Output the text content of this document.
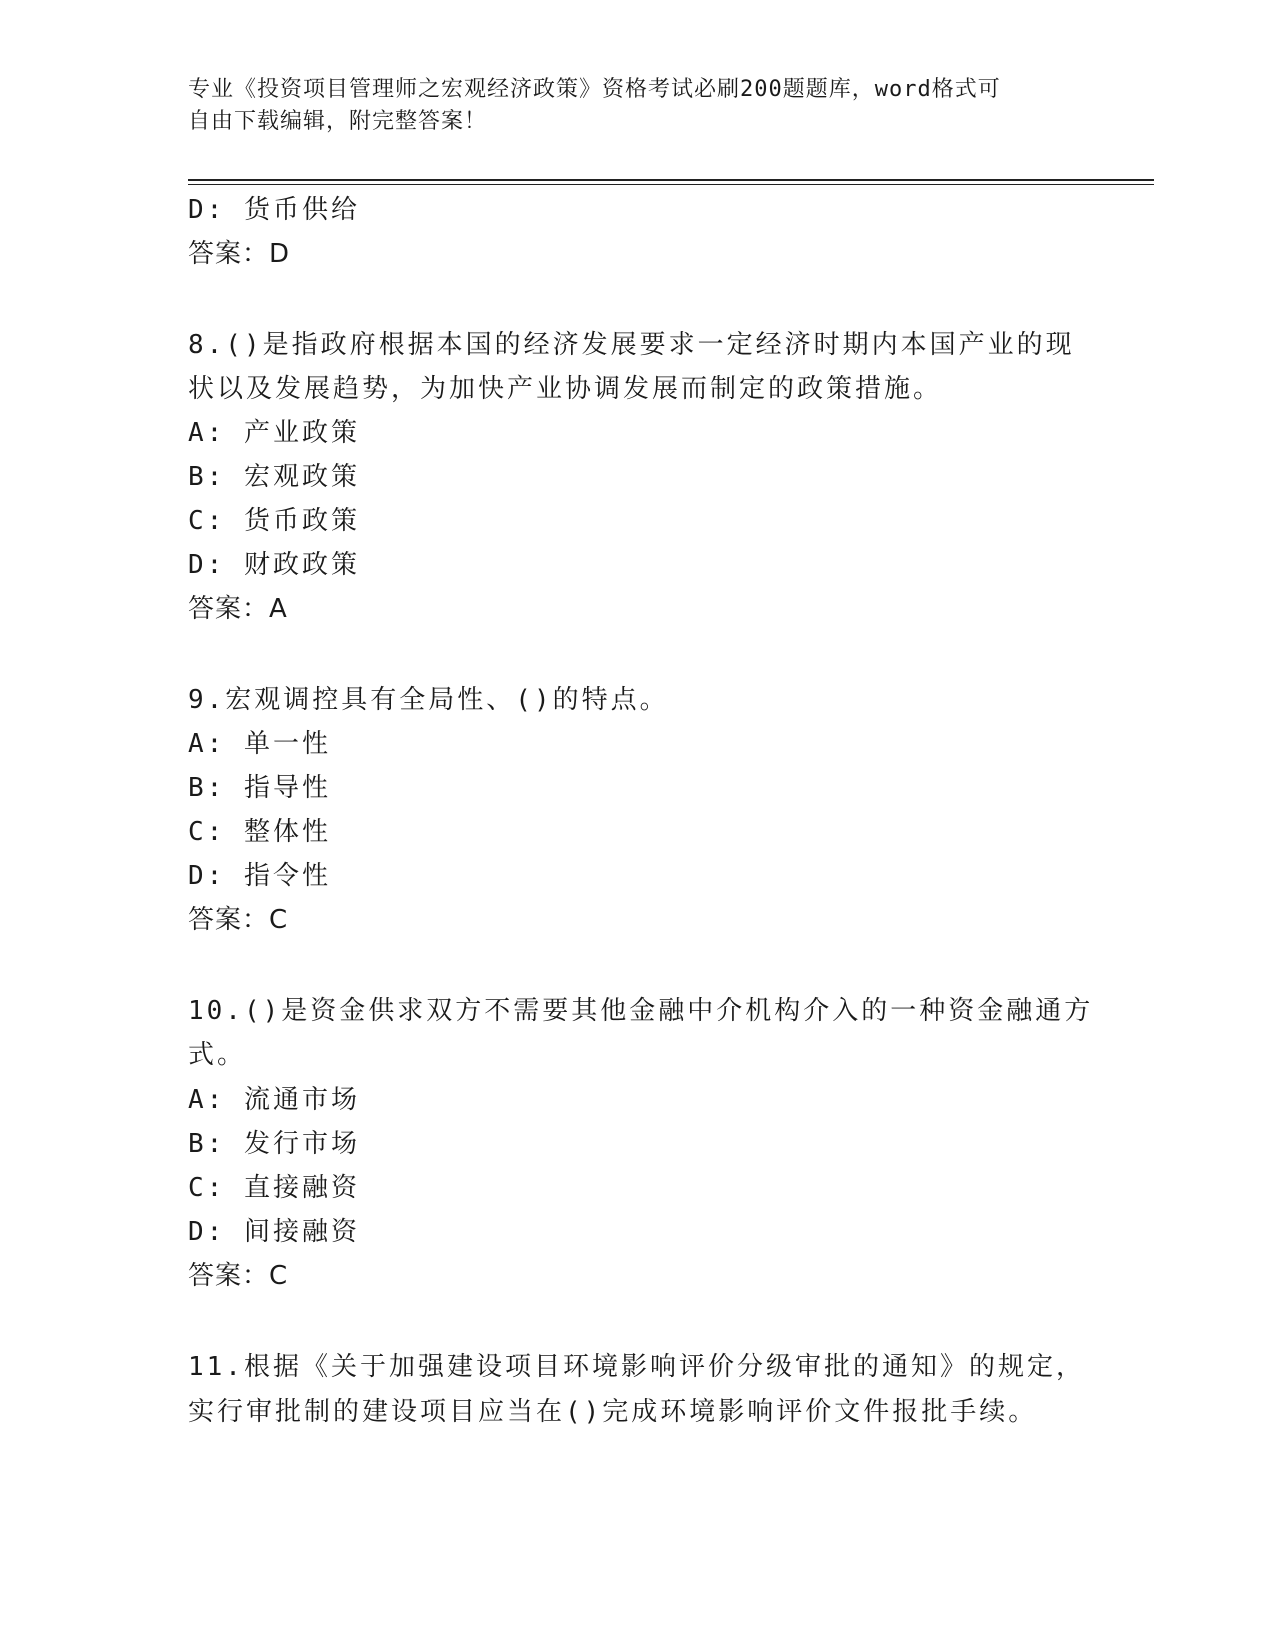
专业《投资项目管理师之宏观经济政策》资格考试必刷200题题库，word格式可
自由下载编辑，附完整答案！
D: 货币供给
答案：D
8.()是指政府根据本国的经济发展要求一定经济时期内本国产业的现
状以及发展趋势，为加快产业协调发展而制定的政策措施。
A: 产业政策
B: 宏观政策
C: 货币政策
D: 财政政策
答案：A
9.宏观调控具有全局性、()的特点。
A: 单一性
B: 指导性
C: 整体性
D: 指令性
答案：C
10.()是资金供求双方不需要其他金融中介机构介入的一种资金融通方
式。
A: 流通市场
B: 发行市场
C: 直接融资
D: 间接融资
答案：C
11.根据《关于加强建设项目环境影响评价分级审批的通知》的规定，
实行审批制的建设项目应当在()完成环境影响评价文件报批手续。
